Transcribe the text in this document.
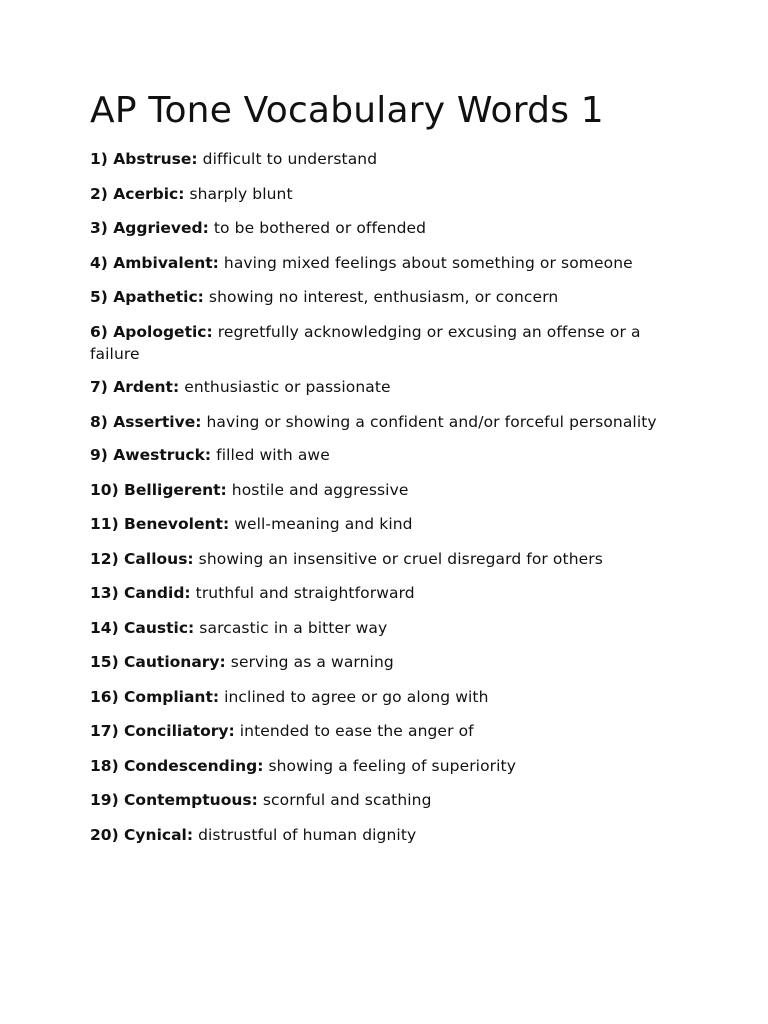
AP Tone Vocabulary Words 1
1) Abstruse: difficult to understand
2) Acerbic: sharply blunt
3) Aggrieved: to be bothered or offended
4) Ambivalent: having mixed feelings about something or someone
5) Apathetic: showing no interest, enthusiasm, or concern
6) Apologetic: regretfully acknowledging or excusing an offense or a failure
7) Ardent: enthusiastic or passionate
8) Assertive: having or showing a confident and/or forceful personality
9) Awestruck: filled with awe
10) Belligerent: hostile and aggressive
11) Benevolent: well-meaning and kind
12) Callous: showing an insensitive or cruel disregard for others
13) Candid: truthful and straightforward
14) Caustic: sarcastic in a bitter way
15) Cautionary: serving as a warning
16) Compliant: inclined to agree or go along with
17) Conciliatory: intended to ease the anger of
18) Condescending: showing a feeling of superiority
19) Contemptuous: scornful and scathing
20) Cynical: distrustful of human dignity
